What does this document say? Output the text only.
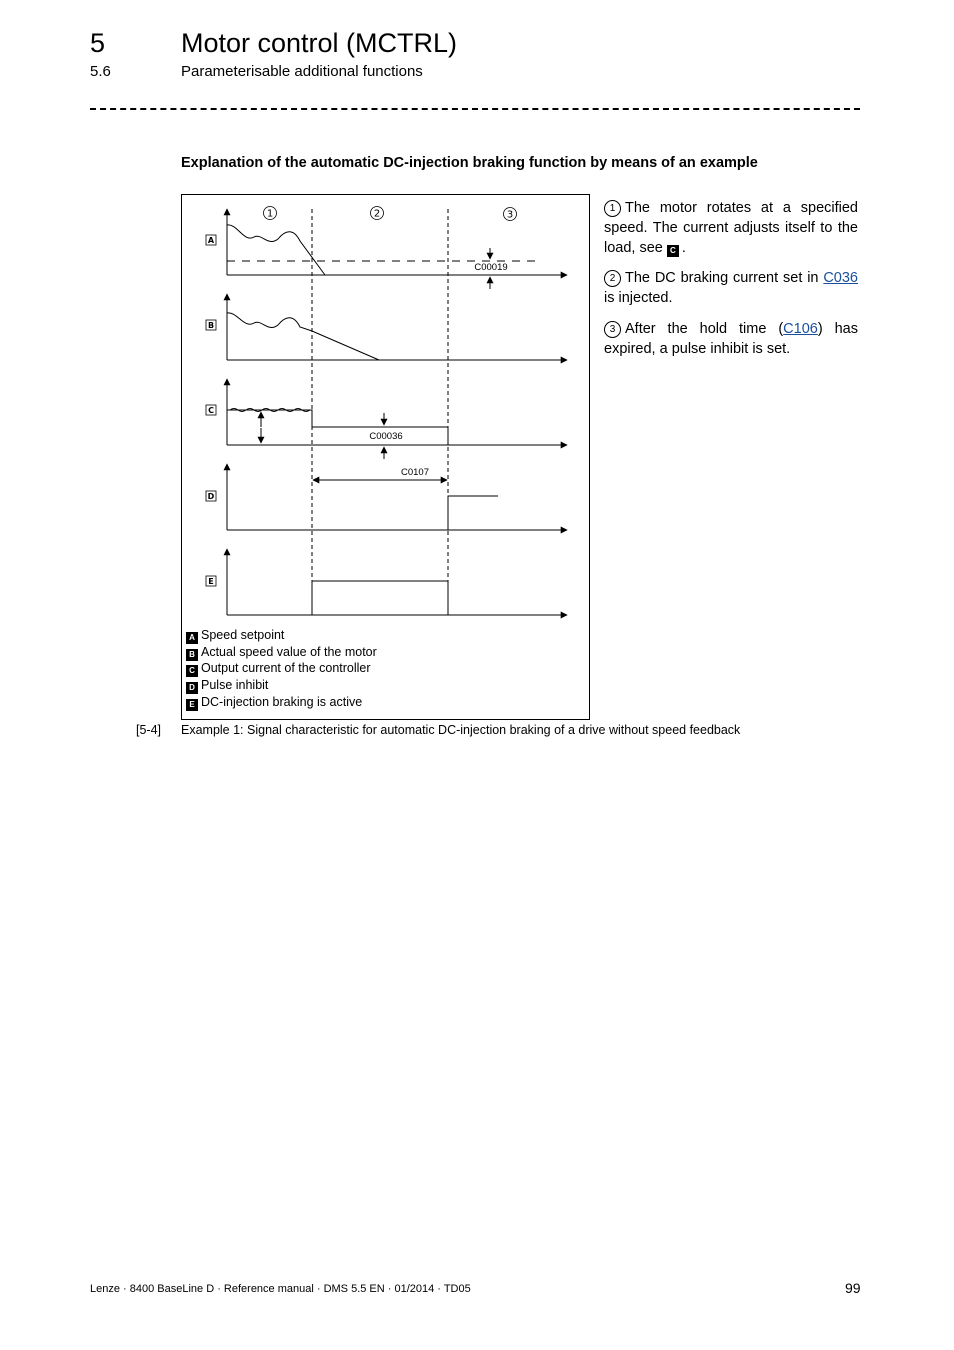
5	Motor control (MCTRL)
5.6	Parameterisable additional functions
Explanation of the automatic DC-injection braking function by means of an example
1	2	3
A
B
C
D
E
C00019
C00036
C0107
A Speed setpoint
B Actual speed value of the motor
C Output current of the controller
D Pulse inhibit
E DC-injection braking is active
1 The motor rotates at a specified speed. The current adjusts itself to the load, see C .
2 The DC braking current set in C036 is injected.
3 After the hold time (C106) has expired, a pulse inhibit is set.
[5-4] Example 1: Signal characteristic for automatic DC-injection braking of a drive without speed feedback
Lenze · 8400 BaseLine D · Reference manual · DMS 5.5 EN · 01/2014 · TD05	99
